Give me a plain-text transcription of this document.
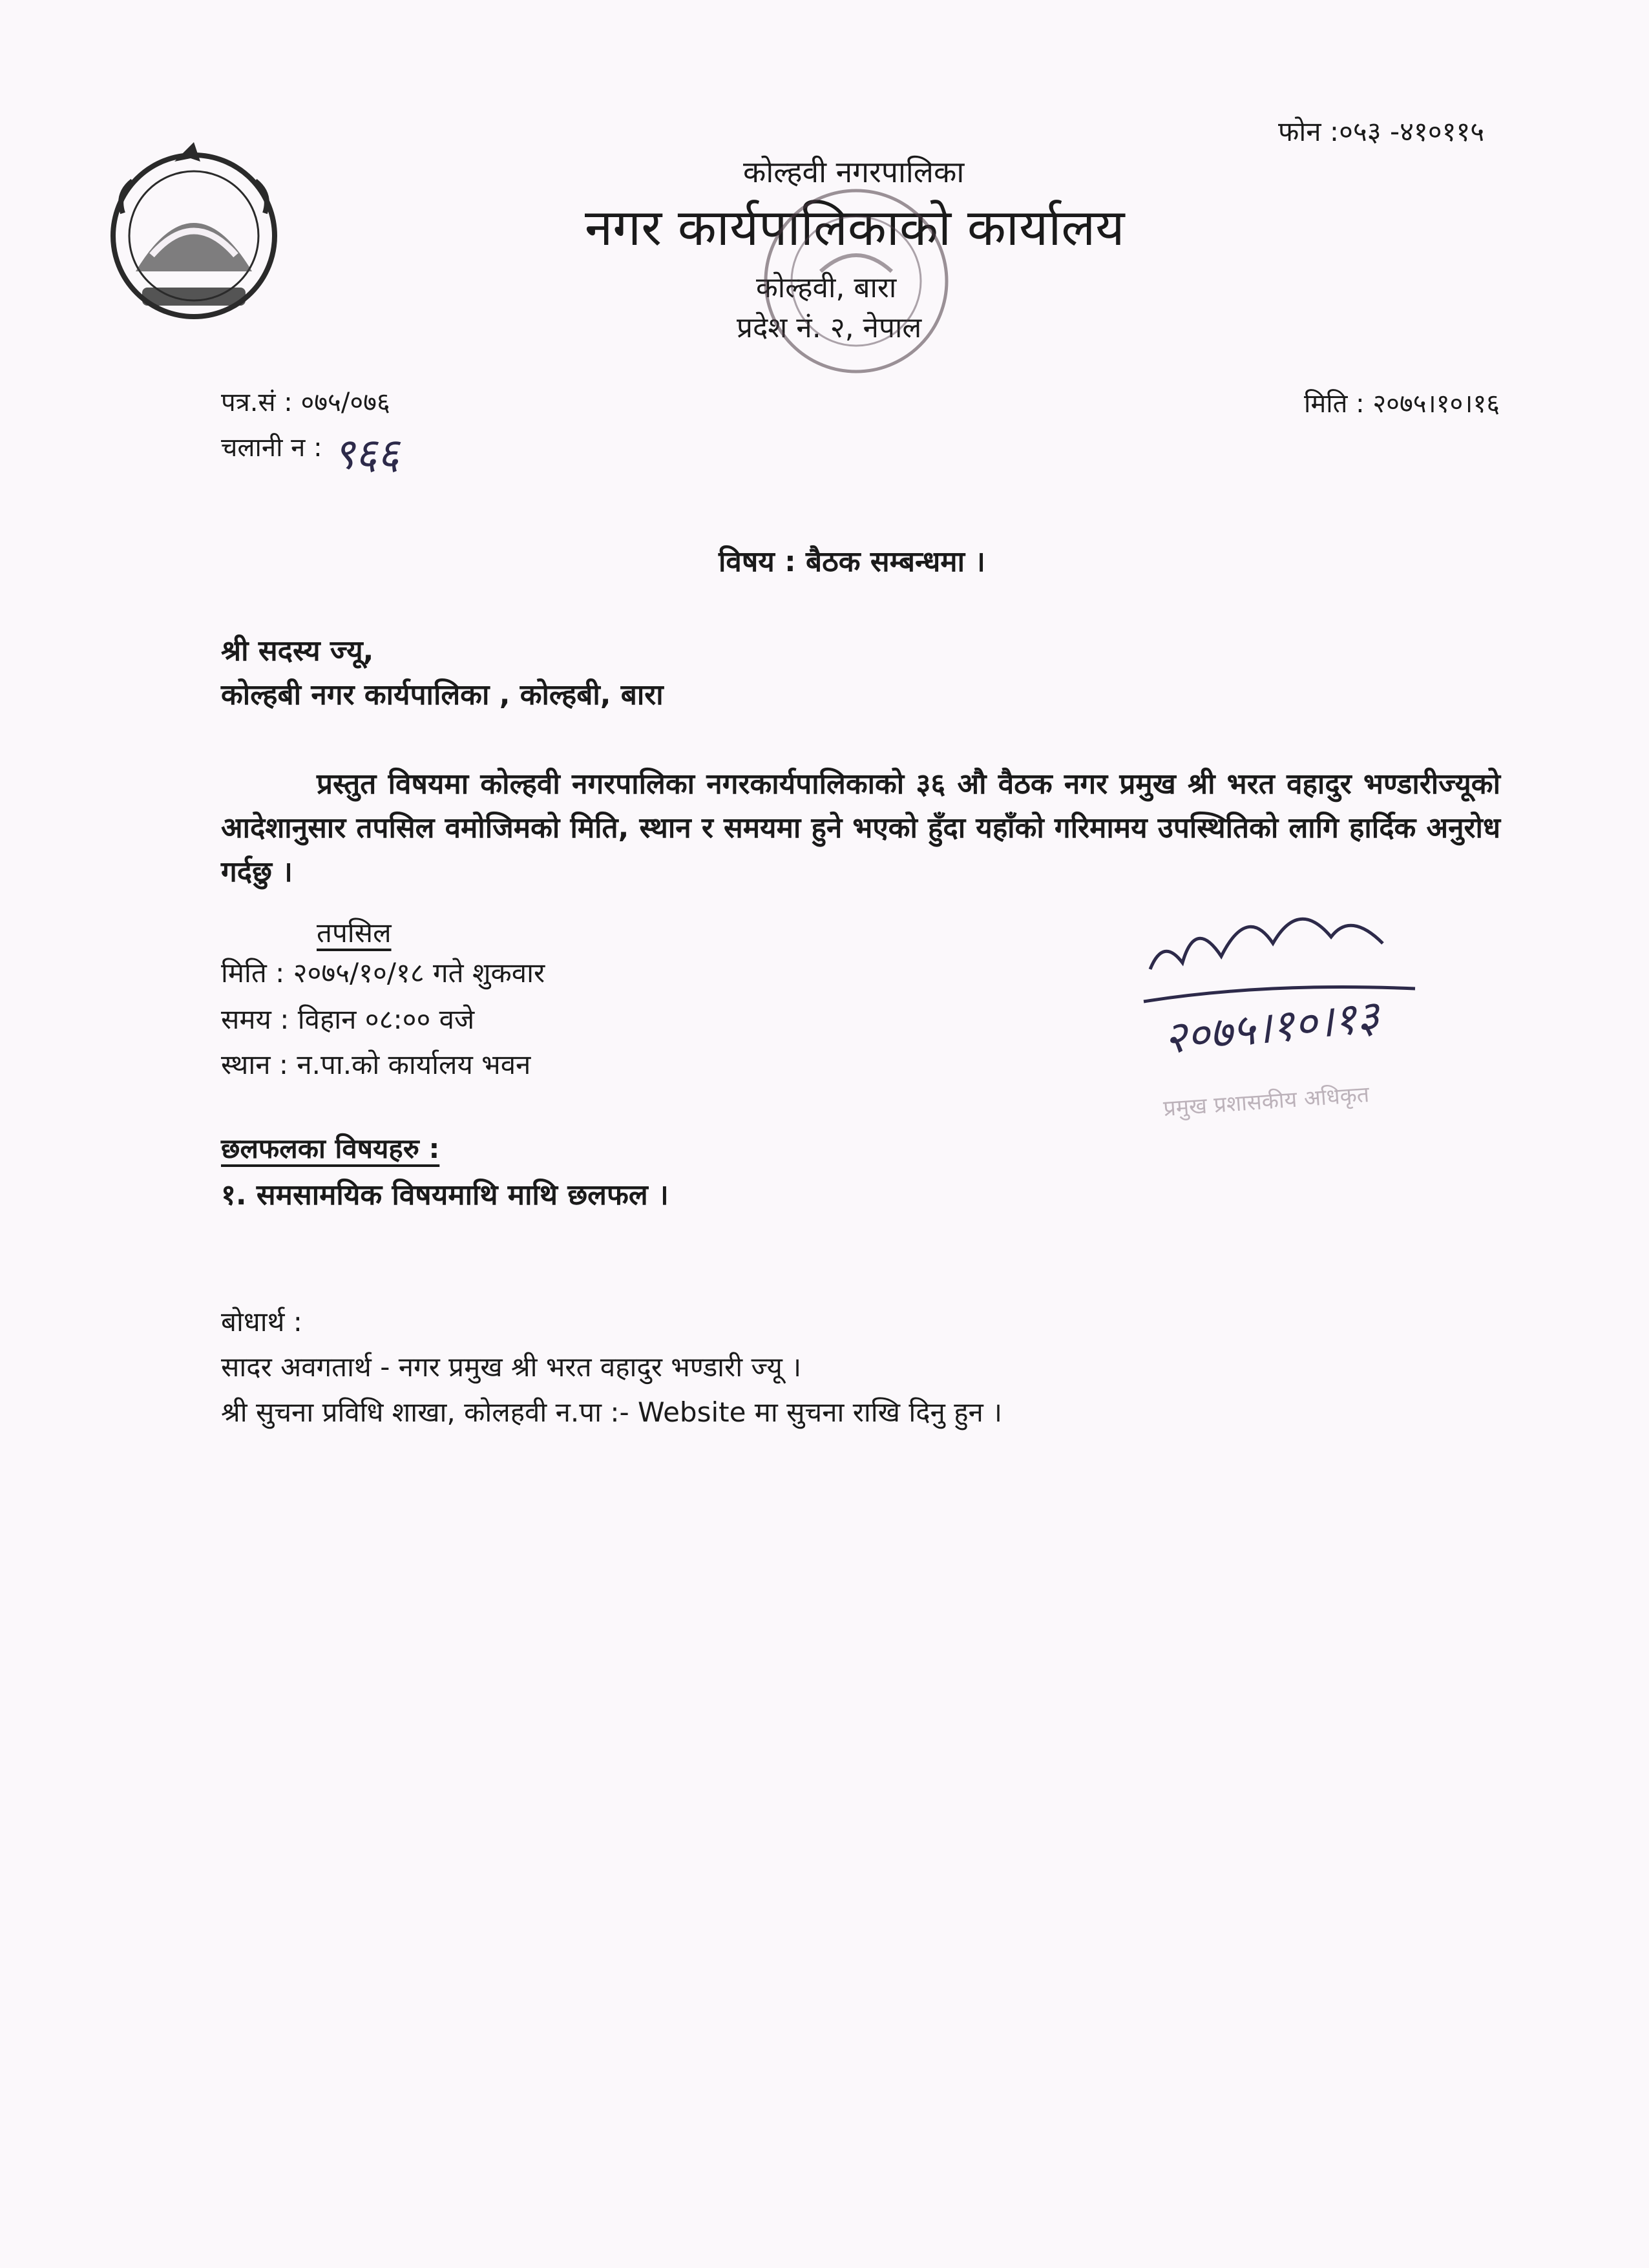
फोन :०५३ -४१०११५
कोल्हवी नगरपालिका
नगर कार्यपालिकाको कार्यालय
कोल्हवी, बारा
प्रदेश नं. २, नेपाल
पत्र.सं : ०७५/०७६
चलानी न : ९६६
मिति : २०७५।१०।१६
विषय : बैठक सम्बन्धमा ।
श्री सदस्य ज्यू,
कोल्हबी नगर कार्यपालिका , कोल्हबी, बारा
प्रस्तुत विषयमा कोल्हवी नगरपालिका नगरकार्यपालिकाको ३६ औ वैठक नगर प्रमुख श्री भरत वहादुर भण्डारीज्यूको आदेशानुसार तपसिल वमोजिमको मिति, स्थान र समयमा हुने भएको हुँदा यहाँको गरिमामय उपस्थितिको लागि हार्दिक अनुरोध गर्दछु ।
तपसिल
मिति : २०७५/१०/१८ गते शुकवार
समय : विहान ०८:०० वजे
स्थान : न.पा.को कार्यालय भवन
छलफलका विषयहरु :
१. समसामयिक विषयमाथि माथि छलफल ।
२०७५।१०।१३
प्रमुख प्रशासकीय अधिकृत
बोधार्थ :
सादर अवगतार्थ - नगर प्रमुख श्री भरत वहादुर भण्डारी ज्यू ।
श्री सुचना प्रविधि शाखा, कोलहवी न.पा :- Website मा सुचना राखि दिनु हुन ।
